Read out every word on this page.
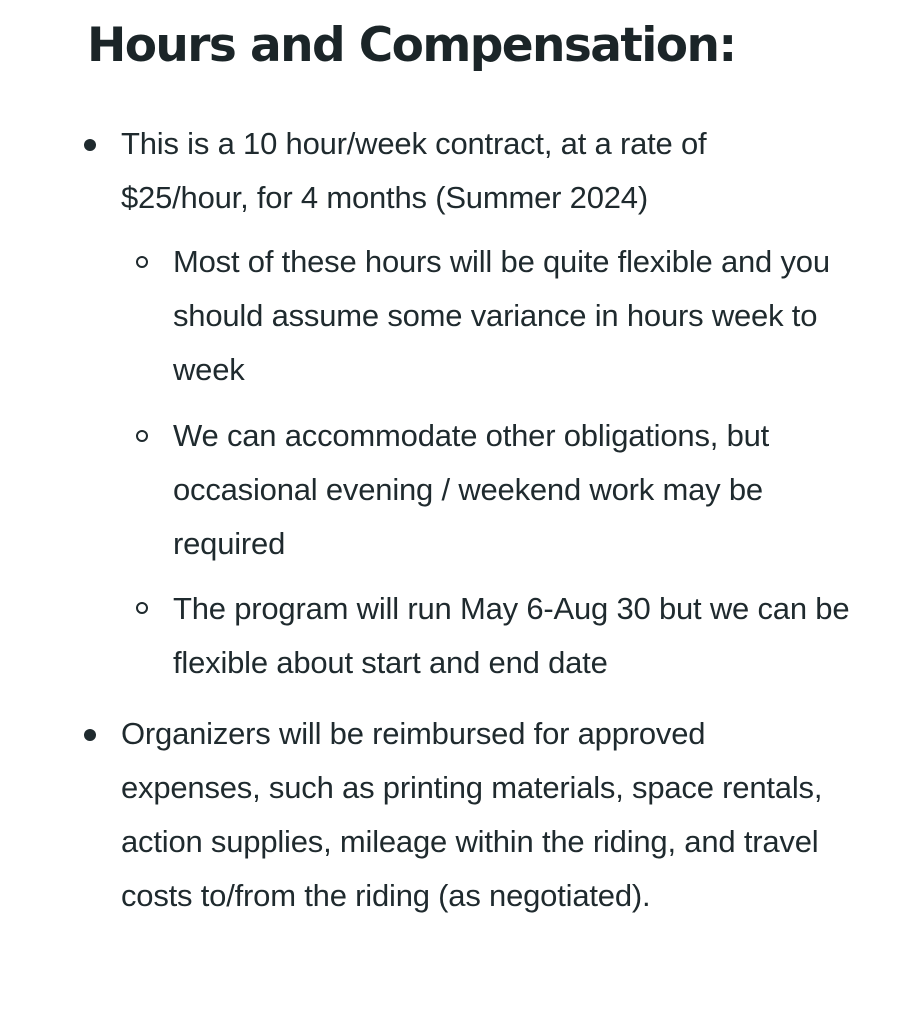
Hours and Compensation:
This is a 10 hour/week contract, at a rate of $25/hour, for 4 months (Summer 2024)
Most of these hours will be quite flexible and you should assume some variance in hours week to week
We can accommodate other obligations, but occasional evening / weekend work may be required
The program will run May 6-Aug 30 but we can be flexible about start and end date
Organizers will be reimbursed for approved expenses, such as printing materials, space rentals, action supplies, mileage within the riding, and travel costs to/from the riding (as negotiated).
